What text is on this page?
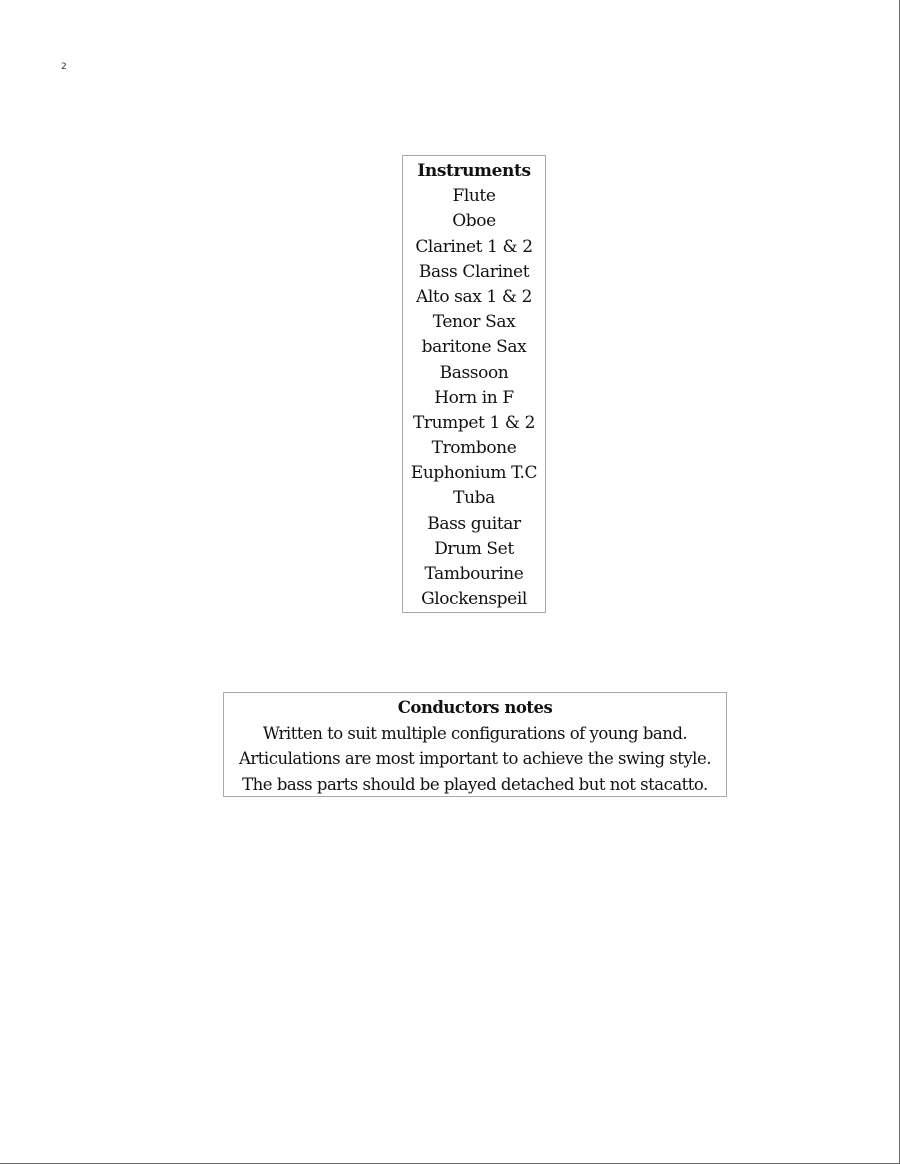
2
Instruments
Flute
Oboe
Clarinet 1 & 2
Bass Clarinet
Alto sax 1 & 2
Tenor Sax
baritone Sax
Bassoon
Horn in F
Trumpet 1 & 2
Trombone
Euphonium T.C
Tuba
Bass guitar
Drum Set
Tambourine
Glockenspeil
Conductors notes
Written to suit multiple configurations of young band.
Articulations are most important to achieve the swing style.
The bass parts should be played detached but not stacatto.
